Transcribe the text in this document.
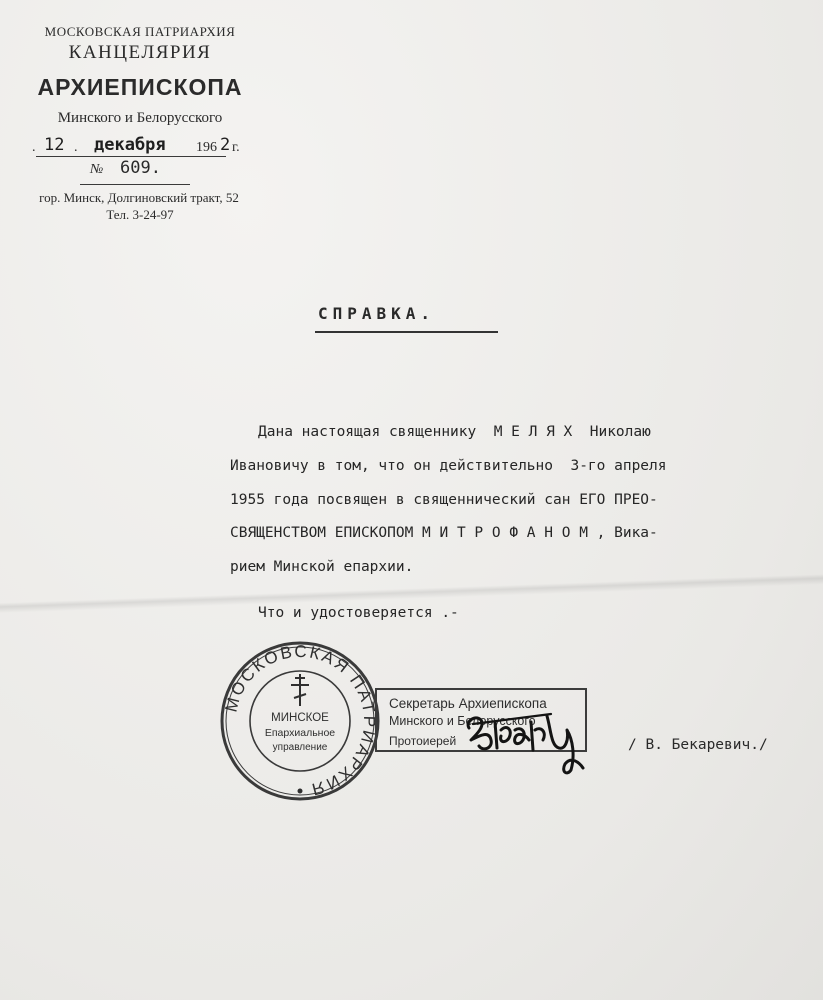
МОСКОВСКАЯ ПАТРИАРХИЯ
КАНЦЕЛЯРИЯ
АРХИЕПИСКОПА
Минского и Белорусского
. 12 . декабря 196 2 г.
№ 609.
гор. Минск, Долгиновский тракт, 52
Тел. 3-24-97
СПРАВКА.
Дана настоящая священнику  М Е Л Я Х  Николаю
Ивановичу в том, что он действительно  3-го апреля
1955 года посвящен в священнический сан ЕГО ПРЕО-
СВЯЩЕНСТВОМ ЕПИСКОПОМ М И Т Р О Ф А Н О М , Вика-
рием Минской епархии.
Что и удостоверяется .-
МОСКОВСКАЯ ПАТРИАРХИЯ
МИНСКОЕ
Епархиальное
управление
Секретарь Архиепископа
Минского и Белорусского
Протоиерей	/ В. Бекаревич./
